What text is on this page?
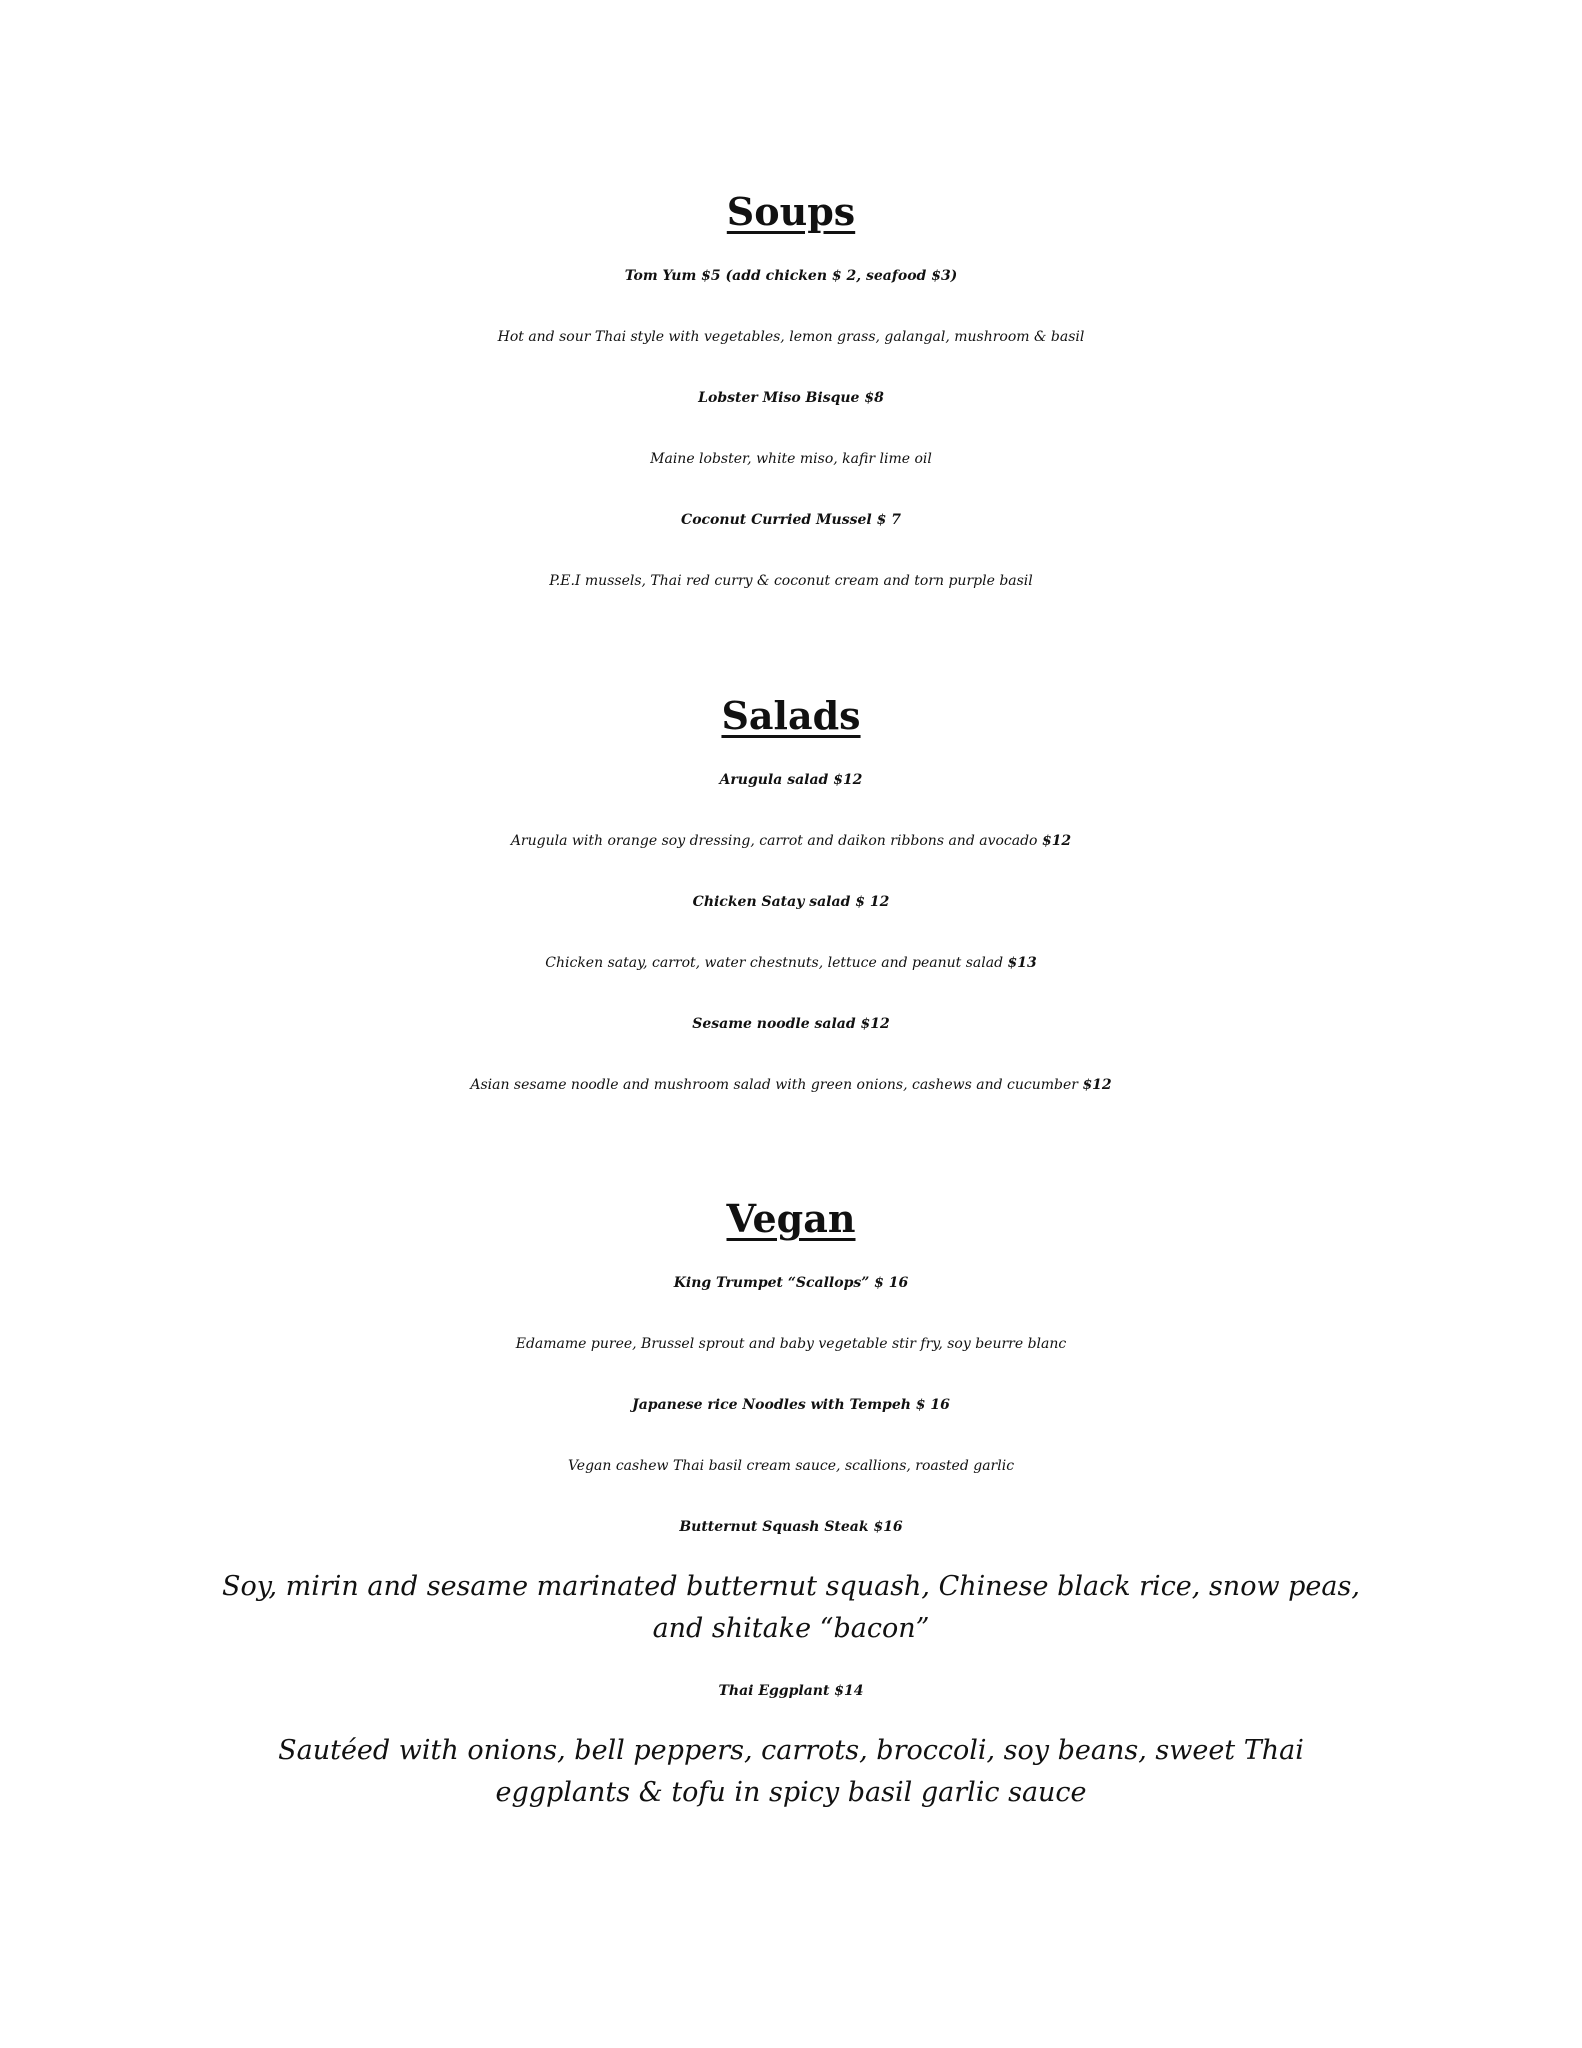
Soups

Tom Yum $5 (add chicken $ 2, seafood $3)

Hot and sour Thai style with vegetables, lemon grass, galangal, mushroom & basil

Lobster Miso Bisque $8

Maine lobster, white miso, kafir lime oil

Coconut Curried Mussel $ 7

P.E.I mussels, Thai red curry & coconut cream and torn purple basil

Salads

Arugula salad $12

Arugula with orange soy dressing, carrot and daikon ribbons and avocado $12

Chicken Satay salad $ 12

Chicken satay, carrot, water chestnuts, lettuce and peanut salad $13

Sesame noodle salad $12

Asian sesame noodle and mushroom salad with green onions, cashews and cucumber $12

Vegan

King Trumpet “Scallops” $ 16

Edamame puree, Brussel sprout and baby vegetable stir fry, soy beurre blanc

Japanese rice Noodles with Tempeh $ 16

Vegan cashew Thai basil cream sauce, scallions, roasted garlic

Butternut Squash Steak $16

Soy, mirin and sesame marinated butternut squash, Chinese black rice, snow peas, and shitake “bacon”

Thai Eggplant $14

Sautéed with onions, bell peppers, carrots, broccoli, soy beans, sweet Thai eggplants & tofu in spicy basil garlic sauce
